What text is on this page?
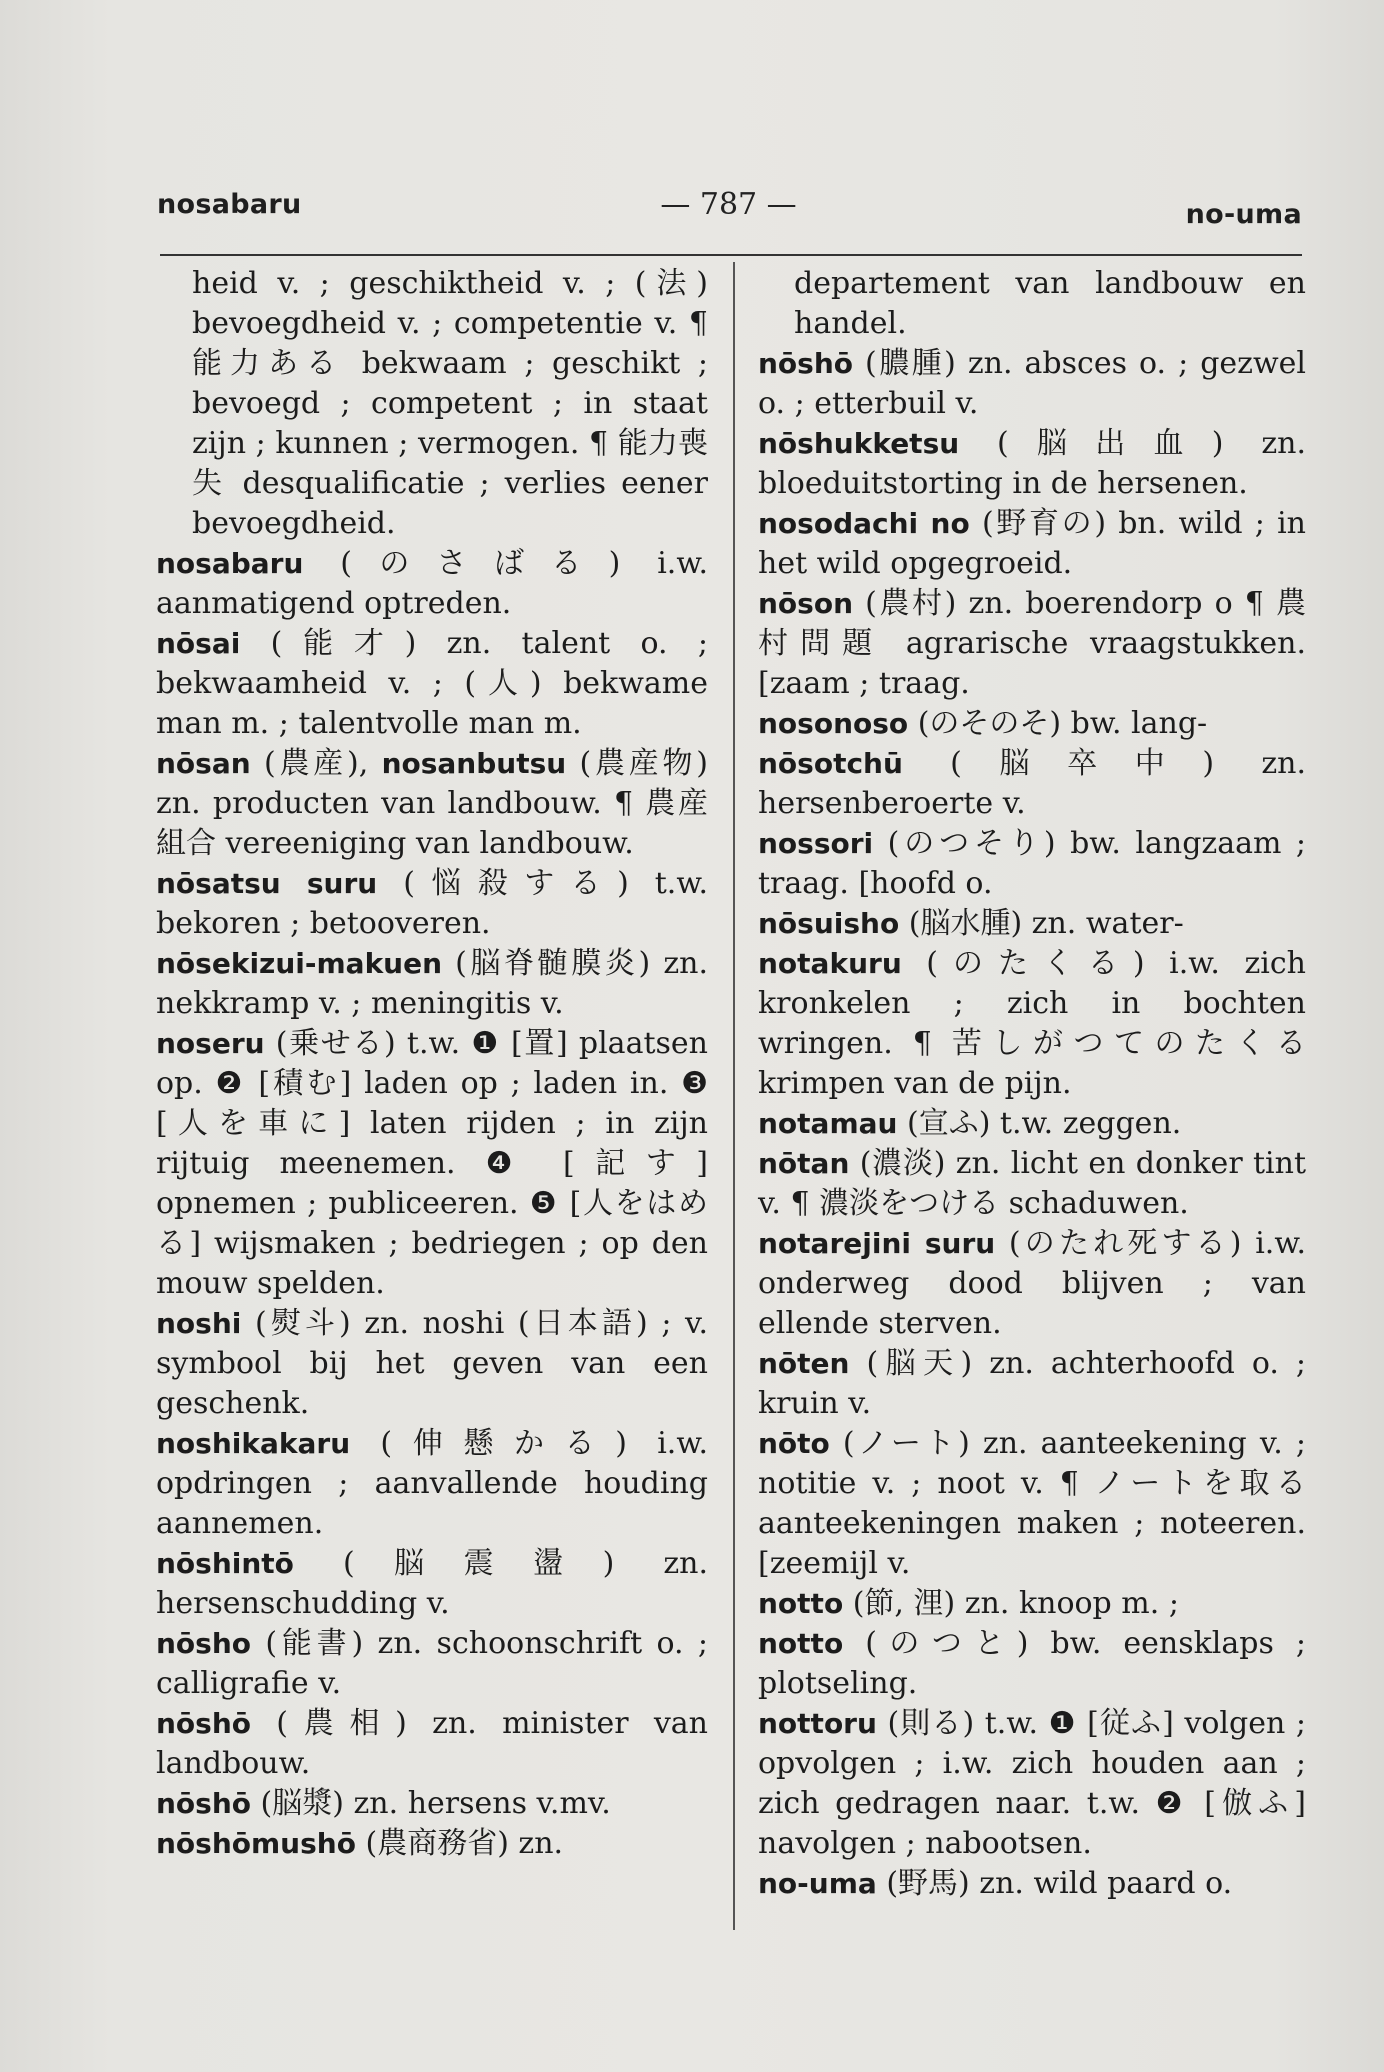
nosabaru	— 787 —	no-uma

heid v. ; geschiktheid v. ; (法) bevoegdheid v. ; competentie v. ¶ 能力ある bekwaam ; geschikt ; bevoegd ; competent ; in staat zijn ; kunnen ; vermogen. ¶ 能力喪失 desqualificatie ; verlies eener bevoegdheid.

nosabaru (のさばる) i.w. aanmatigend optreden.

nōsai (能才) zn. talent o. ; bekwaamheid v. ; (人) bekwame man m. ; talentvolle man m.

nōsan (農産), nosanbutsu (農産物) zn. producten van landbouw. ¶ 農産組合 vereeniging van landbouw.

nōsatsu suru (悩殺する) t.w. bekoren ; betooveren.

nōsekizui-makuen (脳脊髄膜炎) zn. nekkramp v. ; meningitis v.

noseru (乗せる) t.w. ❶ [置] plaatsen op. ❷ [積む] laden op ; laden in. ❸ [人を車に] laten rijden ; in zijn rijtuig meenemen. ❹ [記す] opnemen ; publiceeren. ❺ [人をはめる] wijsmaken ; bedriegen ; op den mouw spelden.

noshi (熨斗) zn. noshi (日本語) ; v. symbool bij het geven van een geschenk.

noshikakaru (伸懸かる) i.w. opdringen ; aanvallende houding aannemen.

nōshintō (脳震盪) zn. hersenschudding v.

nōsho (能書) zn. schoonschrift o. ; calligrafie v.

nōshō (農相) zn. minister van landbouw.

nōshō (脳漿) zn. hersens v.mv.

nōshōmushō (農商務省) zn.

departement van landbouw en handel.

nōshō (膿腫) zn. absces o. ; gezwel o. ; etterbuil v.

nōshukketsu (脳出血) zn. bloeduitstorting in de hersenen.

nosodachi no (野育の) bn. wild ; in het wild opgegroeid.

nōson (農村) zn. boerendorp o ¶ 農村問題 agrarische vraagstukken. [zaam ; traag.

nosonoso (のそのそ) bw. lang-

nōsotchū (脳卒中) zn. hersenberoerte v.

nossori (のつそり) bw. langzaam ; traag. [hoofd o.

nōsuisho (脳水腫) zn. water-

notakuru (のたくる) i.w. zich kronkelen ; zich in bochten wringen. ¶ 苦しがつてのたくる krimpen van de pijn.

notamau (宣ふ) t.w. zeggen.

nōtan (濃淡) zn. licht en donker tint v. ¶ 濃淡をつける schaduwen.

notarejini suru (のたれ死する) i.w. onderweg dood blijven ; van ellende sterven.

nōten (脳天) zn. achterhoofd o. ; kruin v.

nōto (ノート) zn. aanteekening v. ; notitie v. ; noot v. ¶ ノートを取る aanteekeningen maken ; noteeren. [zeemijl v.

notto (節, 浬) zn. knoop m. ;

notto (のつと) bw. eensklaps ; plotseling.

nottoru (則る) t.w. ❶ [従ふ] volgen ; opvolgen ; i.w. zich houden aan ; zich gedragen naar. t.w. ❷ [倣ふ] navolgen ; nabootsen.

no-uma (野馬) zn. wild paard o.
